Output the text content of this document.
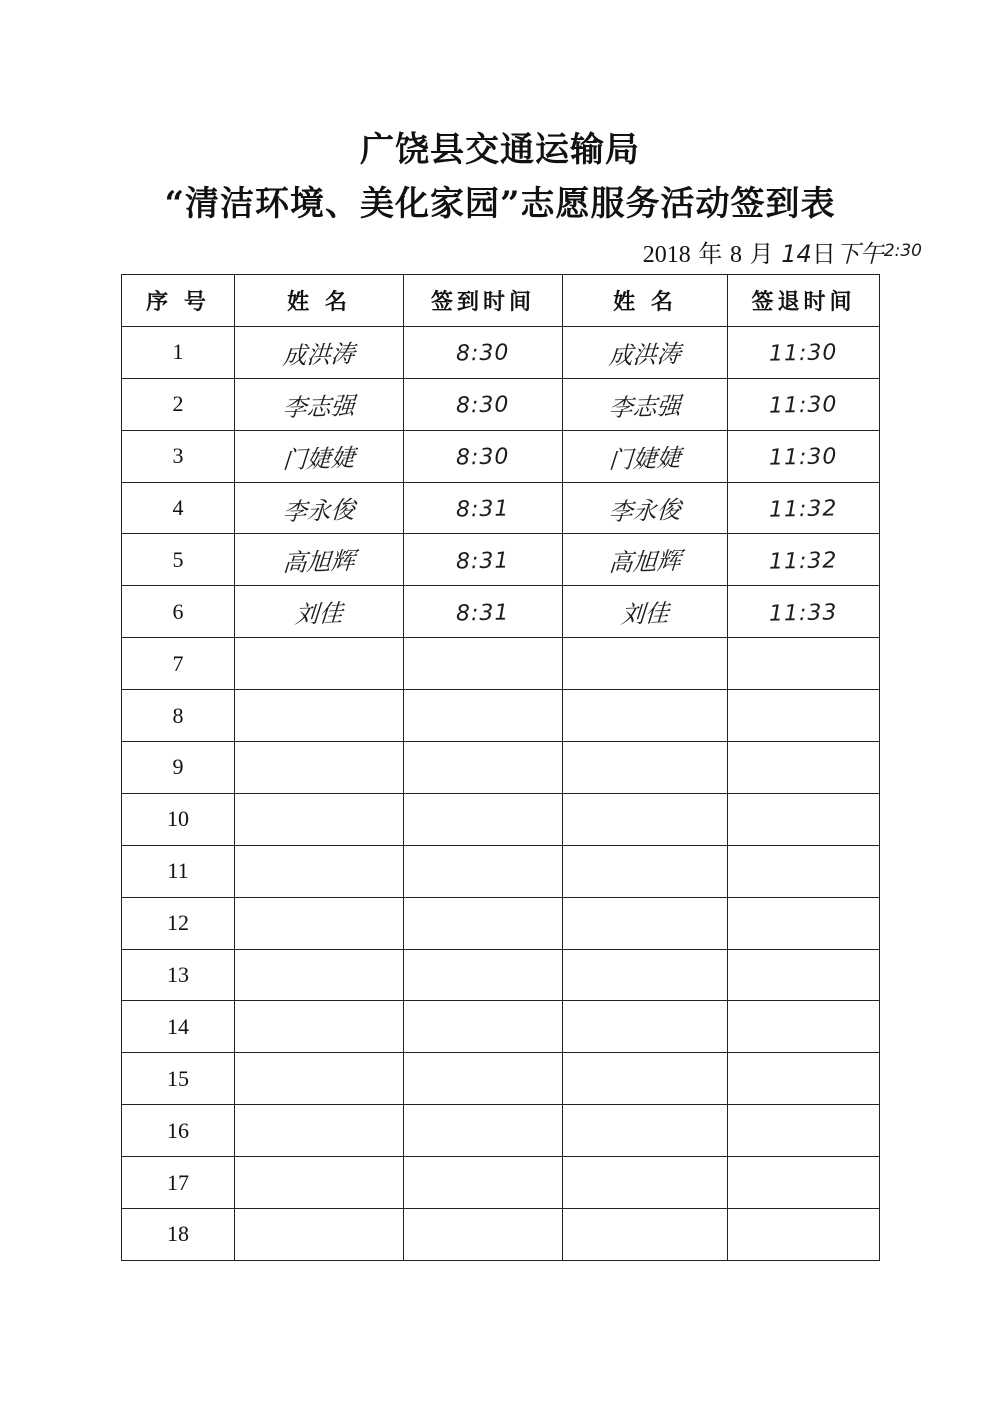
广饶县交通运输局
“清洁环境、美化家园”志愿服务活动签到表
2018 年 8 月 14日下午$^{2:30}$
序 号	姓 名	签到时间	姓 名	签退时间
1	成洪涛	8:30	成洪涛	11:30
2	李志强	8:30	李志强	11:30
3	门婕婕	8:30	门婕婕	11:30
4	李永俊	8:31	李永俊	11:32
5	高旭辉	8:31	高旭辉	11:32
6	刘佳	8:31	刘佳	11:33
7				
8				
9				
10				
11				
12				
13				
14				
15				
16				
17				
18				
